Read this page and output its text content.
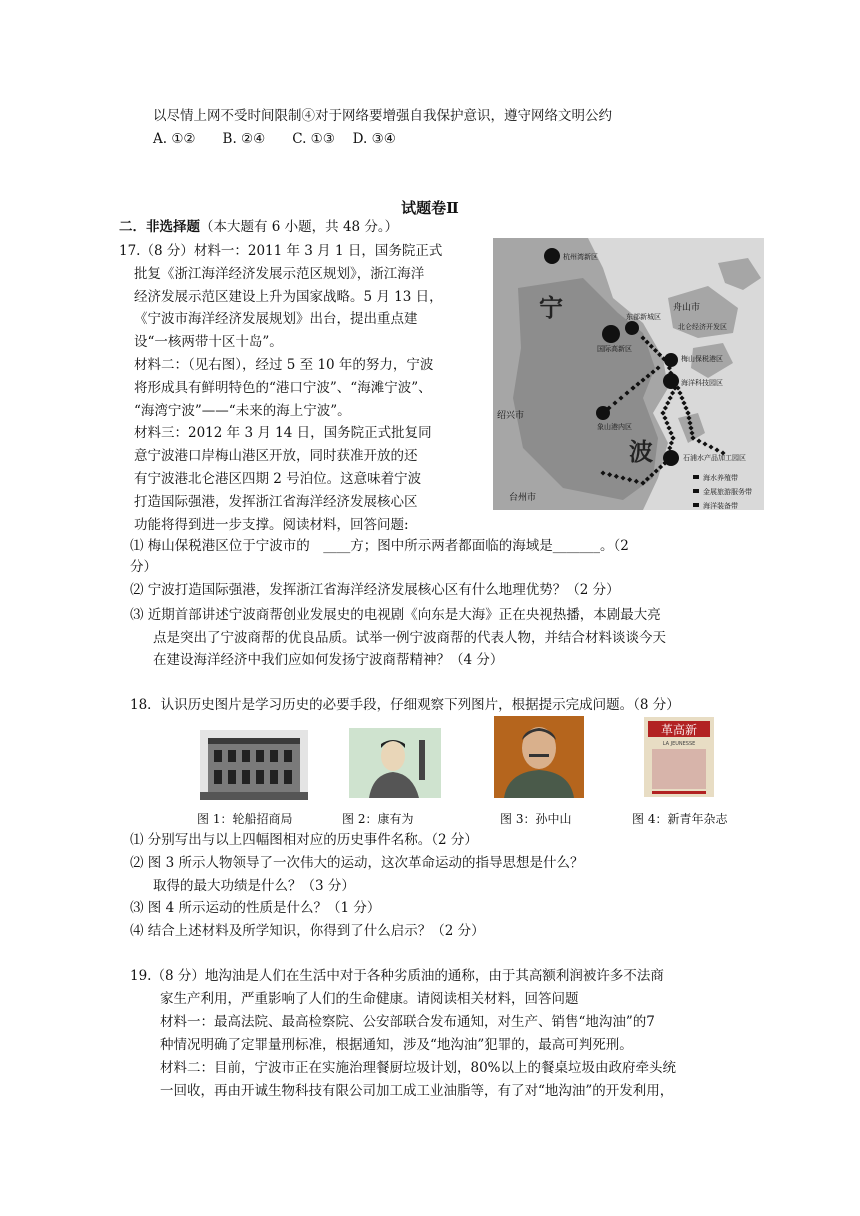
以尽情上网不受时间限制④对于网络要增强自我保护意识，遵守网络文明公约
A. ①②　　B. ②④　　C. ①③　 D. ③④
试题卷Ⅱ
二．非选择题（本大题有 6 小题，共 48 分。）
17.（8 分）材料一：2011 年 3 月 1 日，国务院正式
批复《浙江海洋经济发展示范区规划》，浙江海洋
经济发展示范区建设上升为国家战略。5 月 13 日，
《宁波市海洋经济发展规划》出台，提出重点建
设“一核两带十区十岛”。
材料二：（见右图），经过 5 至 10 年的努力，宁波
将形成具有鲜明特色的“港口宁波”、“海滩宁波”、
“海湾宁波”——“未来的海上宁波”。
材料三：2012 年 3 月 14 日，国务院正式批复同
意宁波港口岸梅山港区开放，同时获准开放的还
有宁波港北仑港区四期 2 号泊位。这意味着宁波
打造国际强港，发挥浙江省海洋经济发展核心区
功能将得到进一步支撑。阅读材料，回答问题:
杭州湾新区
宁
波
舟山市
东部新城区
北仑经济开发区
梅山保税港区
海洋科技园区
国际高新区
绍兴市
象山港内区
石浦水产品加工园区
台州市
海水养殖带
金展旅游服务带
海洋装备带
⑴ 梅山保税港区位于宁波市的　____方；图中所示两者都面临的海域是_______。（2
分）
⑵ 宁波打造国际强港，发挥浙江省海洋经济发展核心区有什么地理优势？（2 分）
⑶ 近期首部讲述宁波商帮创业发展史的电视剧《向东是大海》正在央视热播，本剧最大亮
点是突出了宁波商帮的优良品质。试举一例宁波商帮的代表人物，并结合材料谈谈今天
在建设海洋经济中我们应如何发扬宁波商帮精神？（4 分）
18．认识历史图片是学习历史的必要手段，仔细观察下列图片，根据提示完成问题。（8 分）
革高新
LA JEUNESSE
图 1：轮船招商局	图 2：康有为	图 3：孙中山	图 4：新青年杂志
⑴ 分别写出与以上四幅图相对应的历史事件名称。（2 分）
⑵ 图 3 所示人物领导了一次伟大的运动，这次革命运动的指导思想是什么？
取得的最大功绩是什么？（3 分）
⑶ 图 4 所示运动的性质是什么？（1 分）
⑷ 结合上述材料及所学知识，你得到了什么启示？（2 分）
19.（8 分）地沟油是人们在生活中对于各种劣质油的通称，由于其高额利润被许多不法商
家生产利用，严重影响了人们的生命健康。请阅读相关材料，回答问题
材料一：最高法院、最高检察院、公安部联合发布通知，对生产、销售“地沟油”的7
种情况明确了定罪量刑标准，根据通知，涉及“地沟油”犯罪的，最高可判死刑。
材料二：目前，宁波市正在实施治理餐厨垃圾计划，80%以上的餐桌垃圾由政府牵头统
一回收，再由开诚生物科技有限公司加工成工业油脂等，有了对“地沟油”的开发利用，
